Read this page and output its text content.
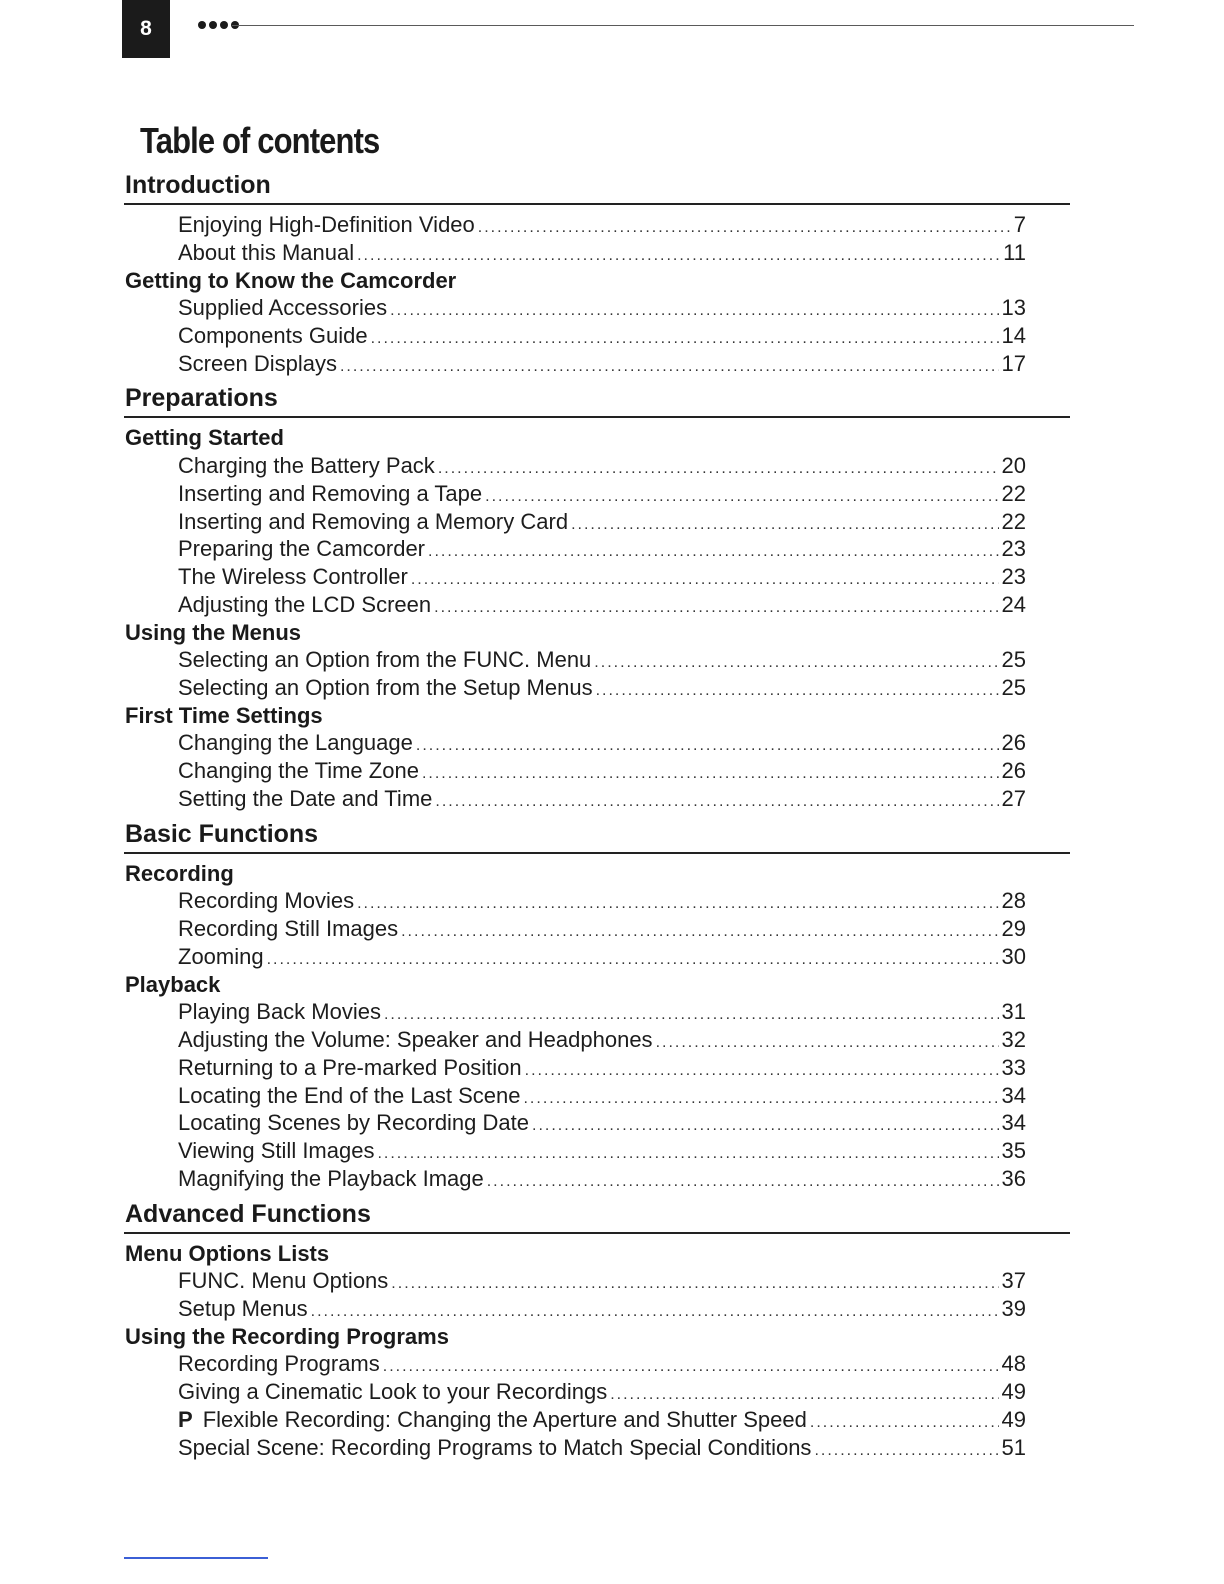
8
Table of contents
Introduction
Enjoying High-Definition Video .....	7
About this Manual .....	11
Getting to Know the Camcorder
Supplied Accessories .....	13
Components Guide .....	14
Screen Displays .....	17
Preparations
Getting Started
Charging the Battery Pack .....	20
Inserting and Removing a Tape .....	22
Inserting and Removing a Memory Card .....	22
Preparing the Camcorder .....	23
The Wireless Controller .....	23
Adjusting the LCD Screen .....	24
Using the Menus
Selecting an Option from the FUNC. Menu .....	25
Selecting an Option from the Setup Menus .....	25
First Time Settings
Changing the Language .....	26
Changing the Time Zone .....	26
Setting the Date and Time .....	27
Basic Functions
Recording
Recording Movies .....	28
Recording Still Images .....	29
Zooming .....	30
Playback
Playing Back Movies .....	31
Adjusting the Volume: Speaker and Headphones .....	32
Returning to a Pre-marked Position .....	33
Locating the End of the Last Scene .....	34
Locating Scenes by Recording Date .....	34
Viewing Still Images .....	35
Magnifying the Playback Image .....	36
Advanced Functions
Menu Options Lists
FUNC. Menu Options .....	37
Setup Menus .....	39
Using the Recording Programs
Recording Programs .....	48
Giving a Cinematic Look to your Recordings .....	49
P Flexible Recording: Changing the Aperture and Shutter Speed .....	49
Special Scene: Recording Programs to Match Special Conditions .....	51
